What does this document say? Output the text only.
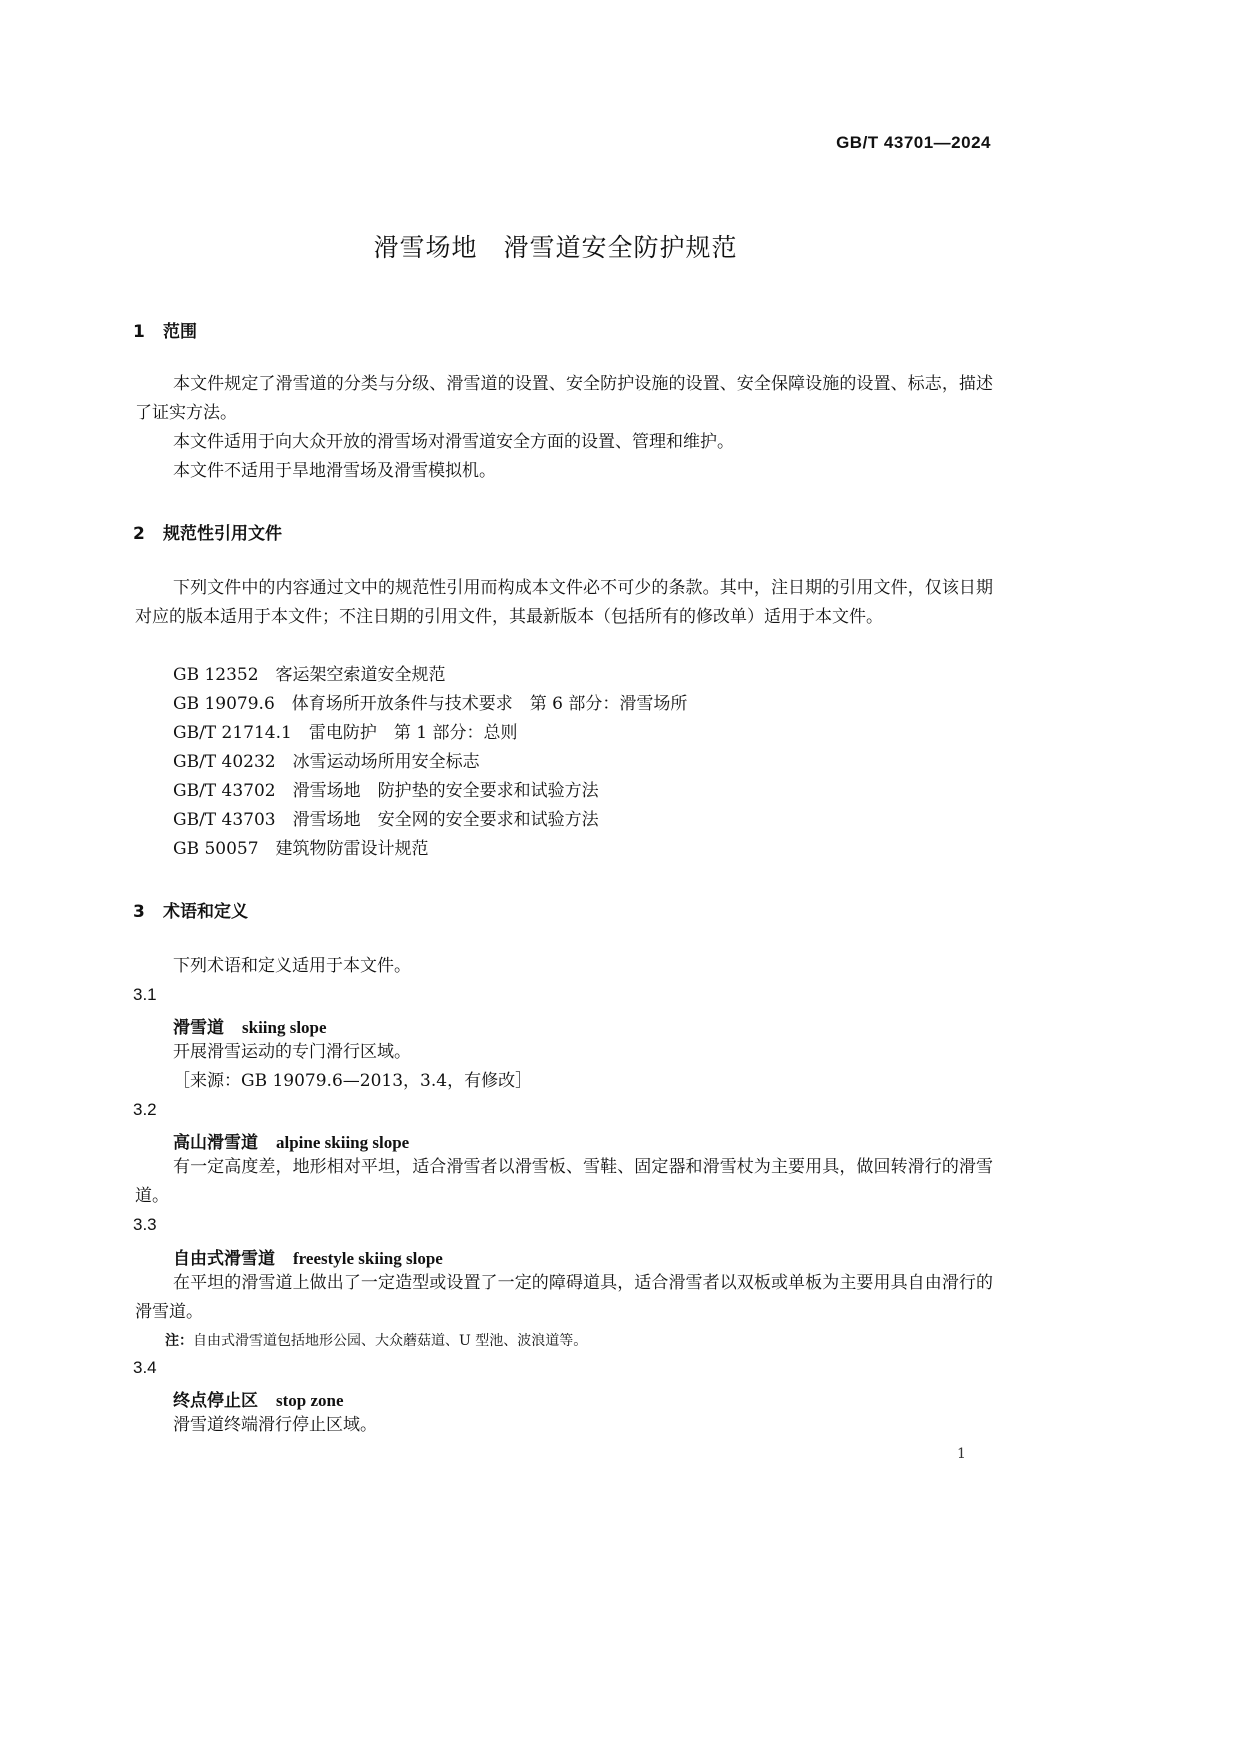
GB/T 43701—2024
滑雪场地　滑雪道安全防护规范
1 范围
本文件规定了滑雪道的分类与分级、滑雪道的设置、安全防护设施的设置、安全保障设施的设置、标志，描述了证实方法。
本文件适用于向大众开放的滑雪场对滑雪道安全方面的设置、管理和维护。
本文件不适用于旱地滑雪场及滑雪模拟机。
2 规范性引用文件
下列文件中的内容通过文中的规范性引用而构成本文件必不可少的条款。其中，注日期的引用文件，仅该日期对应的版本适用于本文件；不注日期的引用文件，其最新版本（包括所有的修改单）适用于本文件。
GB 12352　客运架空索道安全规范
GB 19079.6　体育场所开放条件与技术要求　第 6 部分：滑雪场所
GB/T 21714.1　雷电防护　第 1 部分：总则
GB/T 40232　冰雪运动场所用安全标志
GB/T 43702　滑雪场地　防护垫的安全要求和试验方法
GB/T 43703　滑雪场地　安全网的安全要求和试验方法
GB 50057　建筑物防雷设计规范
3 术语和定义
下列术语和定义适用于本文件。
3.1
滑雪道 skiing slope
开展滑雪运动的专门滑行区域。
［来源：GB 19079.6—2013，3.4，有修改］
3.2
高山滑雪道 alpine skiing slope
有一定高度差，地形相对平坦，适合滑雪者以滑雪板、雪鞋、固定器和滑雪杖为主要用具，做回转滑行的滑雪道。
3.3
自由式滑雪道 freestyle skiing slope
在平坦的滑雪道上做出了一定造型或设置了一定的障碍道具，适合滑雪者以双板或单板为主要用具自由滑行的滑雪道。
注：自由式滑雪道包括地形公园、大众蘑菇道、U 型池、波浪道等。
3.4
终点停止区 stop zone
滑雪道终端滑行停止区域。
1
